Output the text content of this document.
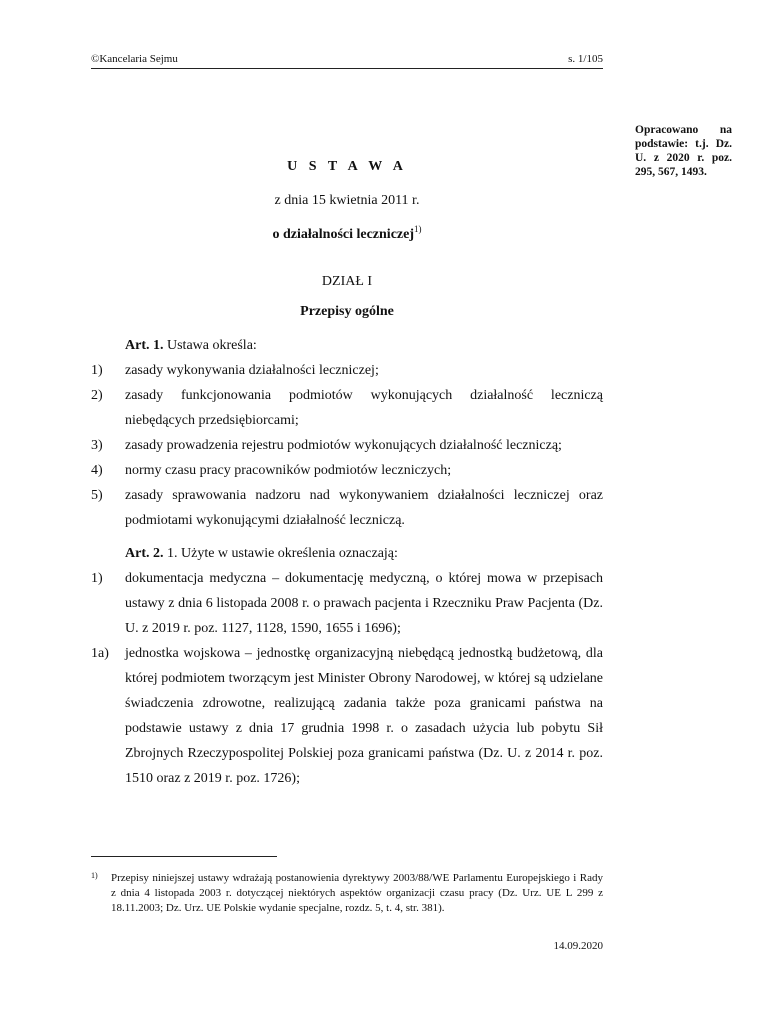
©Kancelaria Sejmu	s. 1/105
Opracowano na podstawie: t.j. Dz. U. z 2020 r. poz. 295, 567, 1493.
U S T A W A
z dnia 15 kwietnia 2011 r.
o działalności leczniczej$^{1)}$
DZIAŁ I
Przepisy ogólne
Art. 1. Ustawa określa:
1)	zasady wykonywania działalności leczniczej;
2)	zasady funkcjonowania podmiotów wykonujących działalność leczniczą niebędących przedsiębiorcami;
3)	zasady prowadzenia rejestru podmiotów wykonujących działalność leczniczą;
4)	normy czasu pracy pracowników podmiotów leczniczych;
5)	zasady sprawowania nadzoru nad wykonywaniem działalności leczniczej oraz podmiotami wykonującymi działalność leczniczą.
Art. 2. 1. Użyte w ustawie określenia oznaczają:
1)	dokumentacja medyczna – dokumentację medyczną, o której mowa w przepisach ustawy z dnia 6 listopada 2008 r. o prawach pacjenta i Rzeczniku Praw Pacjenta (Dz. U. z 2019 r. poz. 1127, 1128, 1590, 1655 i 1696);
1a)	jednostka wojskowa – jednostkę organizacyjną niebędącą jednostką budżetową, dla której podmiotem tworzącym jest Minister Obrony Narodowej, w której są udzielane świadczenia zdrowotne, realizującą zadania także poza granicami państwa na podstawie ustawy z dnia 17 grudnia 1998 r. o zasadach użycia lub pobytu Sił Zbrojnych Rzeczypospolitej Polskiej poza granicami państwa (Dz. U. z 2014 r. poz. 1510 oraz z 2019 r. poz. 1726);
1)	Przepisy niniejszej ustawy wdrażają postanowienia dyrektywy 2003/88/WE Parlamentu Europejskiego i Rady z dnia 4 listopada 2003 r. dotyczącej niektórych aspektów organizacji czasu pracy (Dz. Urz. UE L 299 z 18.11.2003; Dz. Urz. UE Polskie wydanie specjalne, rozdz. 5, t. 4, str. 381).
14.09.2020
